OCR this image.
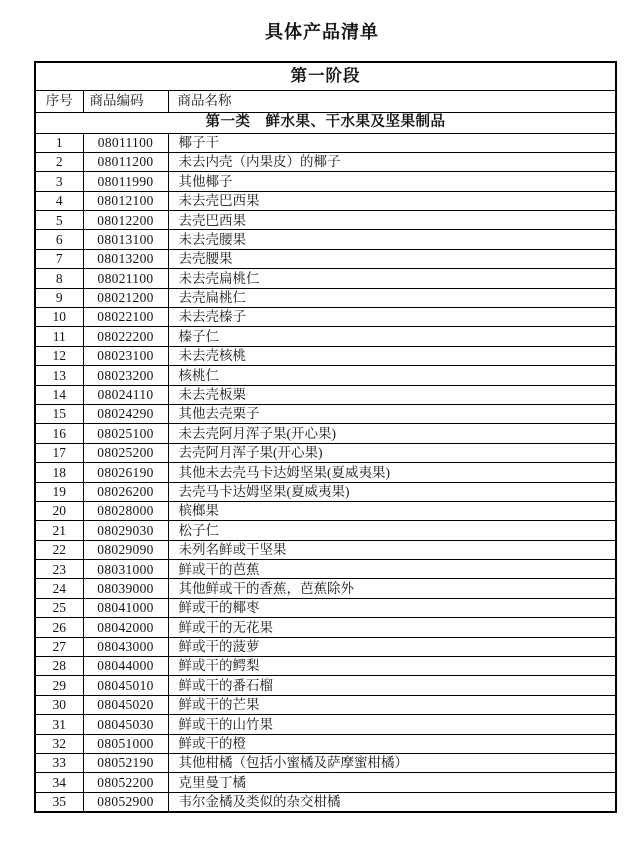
具体产品清单
第一阶段		
序号	商品编码	商品名称
第一类　鲜水果、干水果及坚果制品		
1	08011100	椰子干
2	08011200	未去内壳（内果皮）的椰子
3	08011990	其他椰子
4	08012100	未去壳巴西果
5	08012200	去壳巴西果
6	08013100	未去壳腰果
7	08013200	去壳腰果
8	08021100	未去壳扁桃仁
9	08021200	去壳扁桃仁
10	08022100	未去壳榛子
11	08022200	榛子仁
12	08023100	未去壳核桃
13	08023200	核桃仁
14	08024110	未去壳板栗
15	08024290	其他去壳栗子
16	08025100	未去壳阿月浑子果(开心果)
17	08025200	去壳阿月浑子果(开心果)
18	08026190	其他未去壳马卡达姆坚果(夏威夷果)
19	08026200	去壳马卡达姆坚果(夏威夷果)
20	08028000	槟榔果
21	08029030	松子仁
22	08029090	未列名鲜或干坚果
23	08031000	鲜或干的芭蕉
24	08039000	其他鲜或干的香蕉，芭蕉除外
25	08041000	鲜或干的椰枣
26	08042000	鲜或干的无花果
27	08043000	鲜或干的菠萝
28	08044000	鲜或干的鳄梨
29	08045010	鲜或干的番石榴
30	08045020	鲜或干的芒果
31	08045030	鲜或干的山竹果
32	08051000	鲜或干的橙
33	08052190	其他柑橘（包括小蜜橘及萨摩蜜柑橘）
34	08052200	克里曼丁橘
35	08052900	韦尔金橘及类似的杂交柑橘
